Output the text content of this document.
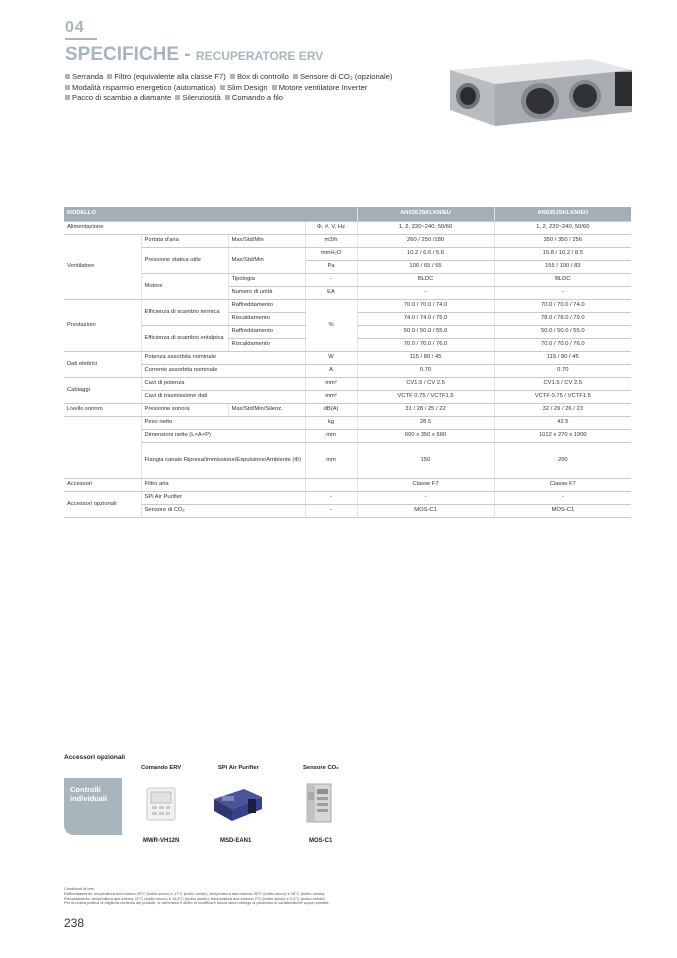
04
SPECIFICHE - RECUPERATORE ERV
Serranda Filtro (equivalente alla classe F7) Box di controllo Sensore di CO₂ (opzionale) Modalità risparmio energetico (automatica) Slim Design Motore ventilatore Inverter Pacco di scambio a diamante Silenziosità Comando a filo
MODELLO				AN026JSKLKN/EU	AN035JSKLKN/EU
Alimentazione			Φ, #, V, Hz	1, 2, 220~240, 50/60	1, 2, 220~240, 50/60
Ventilatore	Portata d'aria	Max/Std/Min	m3/h	260 / 250 /180	350 / 350 / 256
	Pressione statica utile	Max/Std/Min	mmH₂O	10.2 / 6.6 / 5.6	15.8 / 10.2 / 8.5
			Pa	100 / 65 / 55	155 / 100 / 83
	Motore	Tipologia	-	BLDC	BLDC
		Numero di unità	EA	-	-
Prestazioni	Efficienza di scambio termica	Raffreddamento	%	70.0 / 70.0 / 74.0	70.0 / 70.0 / 74.0
		Riscaldamento		74.0 / 74.0 / 75.0	78.0 / 78.0 / 79.0
	Efficienza di scambio entalpica	Raffreddamento		50.0 / 50.0 / 55.0	50.0 / 50.0 / 55.0
		Riscaldamento		70.0 / 70.0 / 76.0	70.0 / 70.0 / 76.0
Dati elettrici	Potenza assorbita nominale		W	115 / 80 / 45	115 / 80 / 45
	Corrente assorbita nominale		A	0.70	0.70
Cablaggi	Cavi di potenza		mm²	CV1.5 / CV 2.5	CV1.5 / CV 2.5
	Cavi di trasmissione dati		mm²	VCTF 0.75 / VCTF1.5	VCTF 0.75 / VCTF1.5
Livello sonoro	Pressione sonora	Max/Std/Min/Silenz.	dB(A)	31 / 28 / 25 / 22	32 / 29 / 26 / 23
	Peso netto		kg	28.5	42.5
	Dimensioni nette (L×A×P)		mm	600 x 350 x 660	1012 x 270 x 1000
	Flangia canale Ripresa/Immissione/Espulsione/Ambiente (Φ)		mm	150	200
Accessori	Filtro aria			Classe F7	Classe F7
Accessori opzionali	SPi Air Purifier		-	-	-
	Sensore di CO₂		-	MOS-C1	MOS-C1
Accessori opzionali
Comando ERV	SPi Air Purifier	Sensore CO₂
Controlli individuali
MWR-VH12N	MSD-EAN1	MOS-C1
Condizioni di test:
Raffreddamento: temperatura aria interna 26°C (bulbo secco) e 17°C (bulbo umido); temperatura aria esterna 35°C (bulbo secco) e 28°C (bulbo umido)
Riscaldamento: temperatura aria interna 22°C (bulbo secco) e 13,8°C (bulbo umido); temperatura aria esterna 2°C (bulbo secco) e 0,6°C (bulbo umido)
Per la nostra politica di migliorìa continua dei prodotti, ci riserviamo il diritto di modificare senza alcun obbligo di preavviso le caratteristiche sopra riportate.
238
